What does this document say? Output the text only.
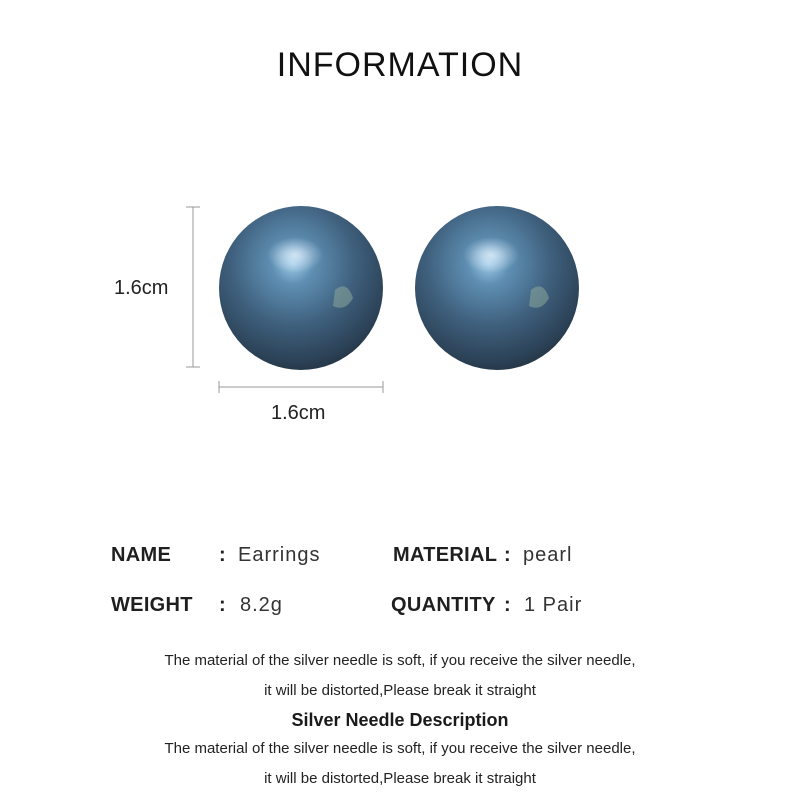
INFORMATION
1.6cm
1.6cm
NAME : Earrings	MATERIAL : pearl
WEIGHT : 8.2g	QUANTITY : 1 Pair
The material of the silver needle is soft, if you receive the silver needle,
it will be distorted,Please break it straight
Silver Needle Description
The material of the silver needle is soft, if you receive the silver needle,
it will be distorted,Please break it straight
